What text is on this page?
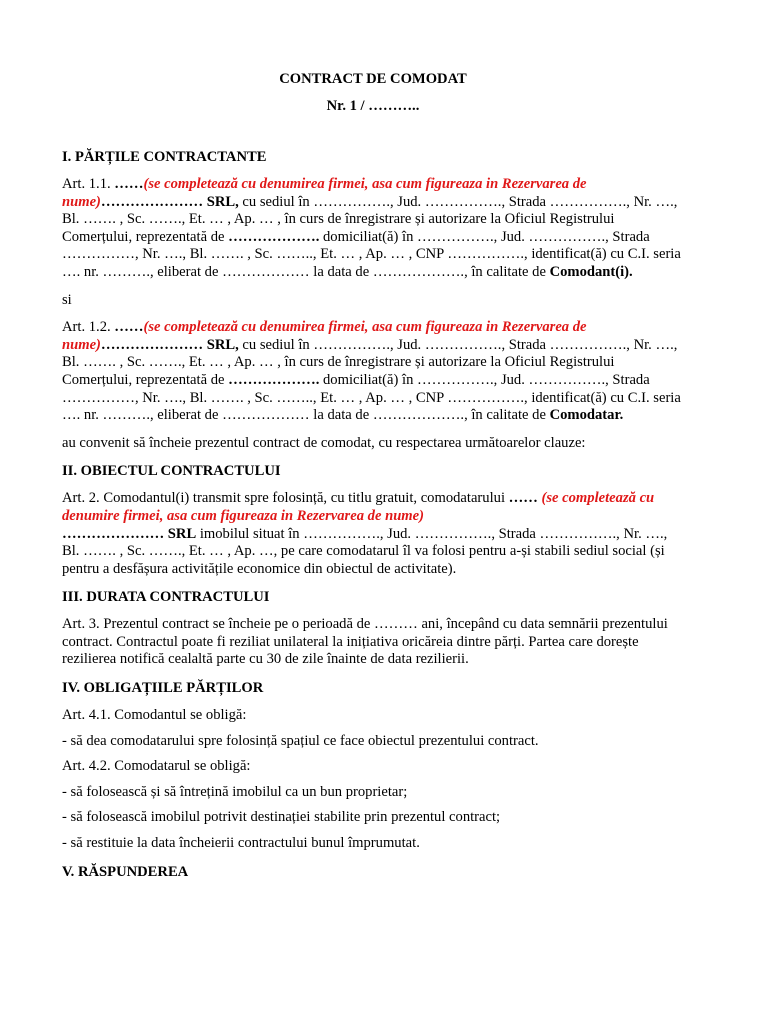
CONTRACT DE COMODAT
Nr. 1 / ………..
I. PĂRȚILE CONTRACTANTE

Art. 1.1. ……(se completează cu denumirea firmei, asa cum figureaza in Rezervarea de nume)………………… SRL, cu sediul în ……………., Jud. ……………., Strada ……………., Nr. …., Bl. ……. , Sc. ……., Et. … , Ap. … , în curs de înregistrare și autorizare la Oficiul Registrului Comerțului, reprezentată de ………………. domiciliat(ă) în ……………., Jud. ……………., Strada ……………, Nr. …., Bl. ……. , Sc. …….., Et. … , Ap. … , CNP ……………., identificat(ă) cu C.I. seria …. nr. ………., eliberat de ……………… la data de ………………., în calitate de Comodant(i).

si

Art. 1.2. ……(se completează cu denumirea firmei, asa cum figureaza in Rezervarea de nume)………………… SRL, cu sediul în ……………., Jud. ……………., Strada ……………., Nr. …., Bl. ……. , Sc. ……., Et. … , Ap. … , în curs de înregistrare și autorizare la Oficiul Registrului Comerțului, reprezentată de ………………. domiciliat(ă) în ……………., Jud. ……………., Strada ……………, Nr. …., Bl. ……. , Sc. …….., Et. … , Ap. … , CNP ……………., identificat(ă) cu C.I. seria …. nr. ………., eliberat de ……………… la data de ………………., în calitate de Comodatar.

au convenit să încheie prezentul contract de comodat, cu respectarea următoarelor clauze:

II. OBIECTUL CONTRACTULUI

Art. 2. Comodantul(i) transmit spre folosință, cu titlu gratuit, comodatarului …… (se completează cu denumire firmei, asa cum figureaza in Rezervarea de nume)
………………… SRL imobilul situat în ……………., Jud. ……………., Strada ……………., Nr. …., Bl. ……. , Sc. ……., Et. … , Ap. …, pe care comodatarul îl va folosi pentru a-și stabili sediul social (și pentru a desfășura activitățile economice din obiectul de activitate).

III. DURATA CONTRACTULUI

Art. 3. Prezentul contract se încheie pe o perioadă de ……… ani, începând cu data semnării prezentului contract. Contractul poate fi reziliat unilateral la inițiativa oricăreia dintre părți. Partea care dorește rezilierea notifică cealaltă parte cu 30 de zile înainte de data rezilierii.

IV. OBLIGAȚIILE PĂRȚILOR

Art. 4.1. Comodantul se obligă:

- să dea comodatarului spre folosință spațiul ce face obiectul prezentului contract.

Art. 4.2. Comodatarul se obligă:

- să folosească și să întrețină imobilul ca un bun proprietar;

- să folosească imobilul potrivit destinației stabilite prin prezentul contract;

- să restituie la data încheierii contractului bunul împrumutat.

V. RĂSPUNDEREA
